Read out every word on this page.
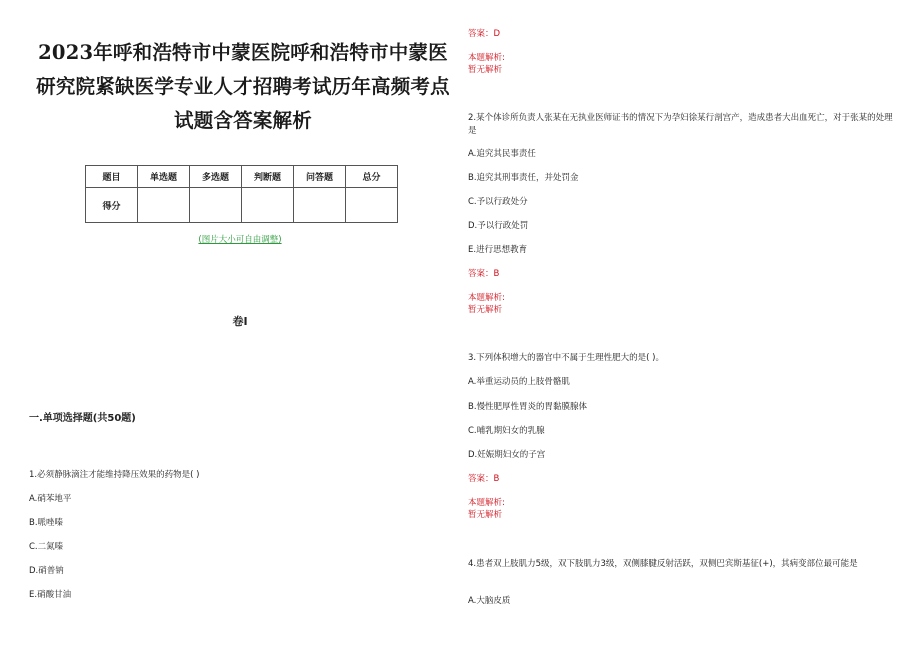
2023年呼和浩特市中蒙医院呼和浩特市中蒙医
研究院紧缺医学专业人才招聘考试历年高频考点
试题含答案解析
题目	单选题	多选题	判断题	问答题	总分
得分					
(图片大小可自由调整)
卷Ⅰ
一.单项选择题(共50题)
1.必须静脉滴注才能维持降压效果的药物是( )
A.硝苯地平
B.哌唑嗪
C.二氮嗪
D.硝普钠
E.硝酸甘油
答案：D
本题解析:
暂无解析
2.某个体诊所负责人张某在无执业医师证书的情况下为孕妇徐某行剖宫产，造成患者大出血死亡，对于张某的处理是
A.追究其民事责任
B.追究其刑事责任，并处罚金
C.予以行政处分
D.予以行政处罚
E.进行思想教育
答案：B
本题解析:
暂无解析
3.下列体积增大的器官中不属于生理性肥大的是( )。
A.举重运动员的上肢骨骼肌
B.慢性肥厚性胃炎的胃黏膜腺体
C.哺乳期妇女的乳腺
D.妊娠期妇女的子宫
答案：B
本题解析:
暂无解析
4.患者双上肢肌力5级，双下肢肌力3级，双侧膝腱反射活跃，双侧巴宾斯基征(+)，其病变部位最可能是
A.大脑皮质
